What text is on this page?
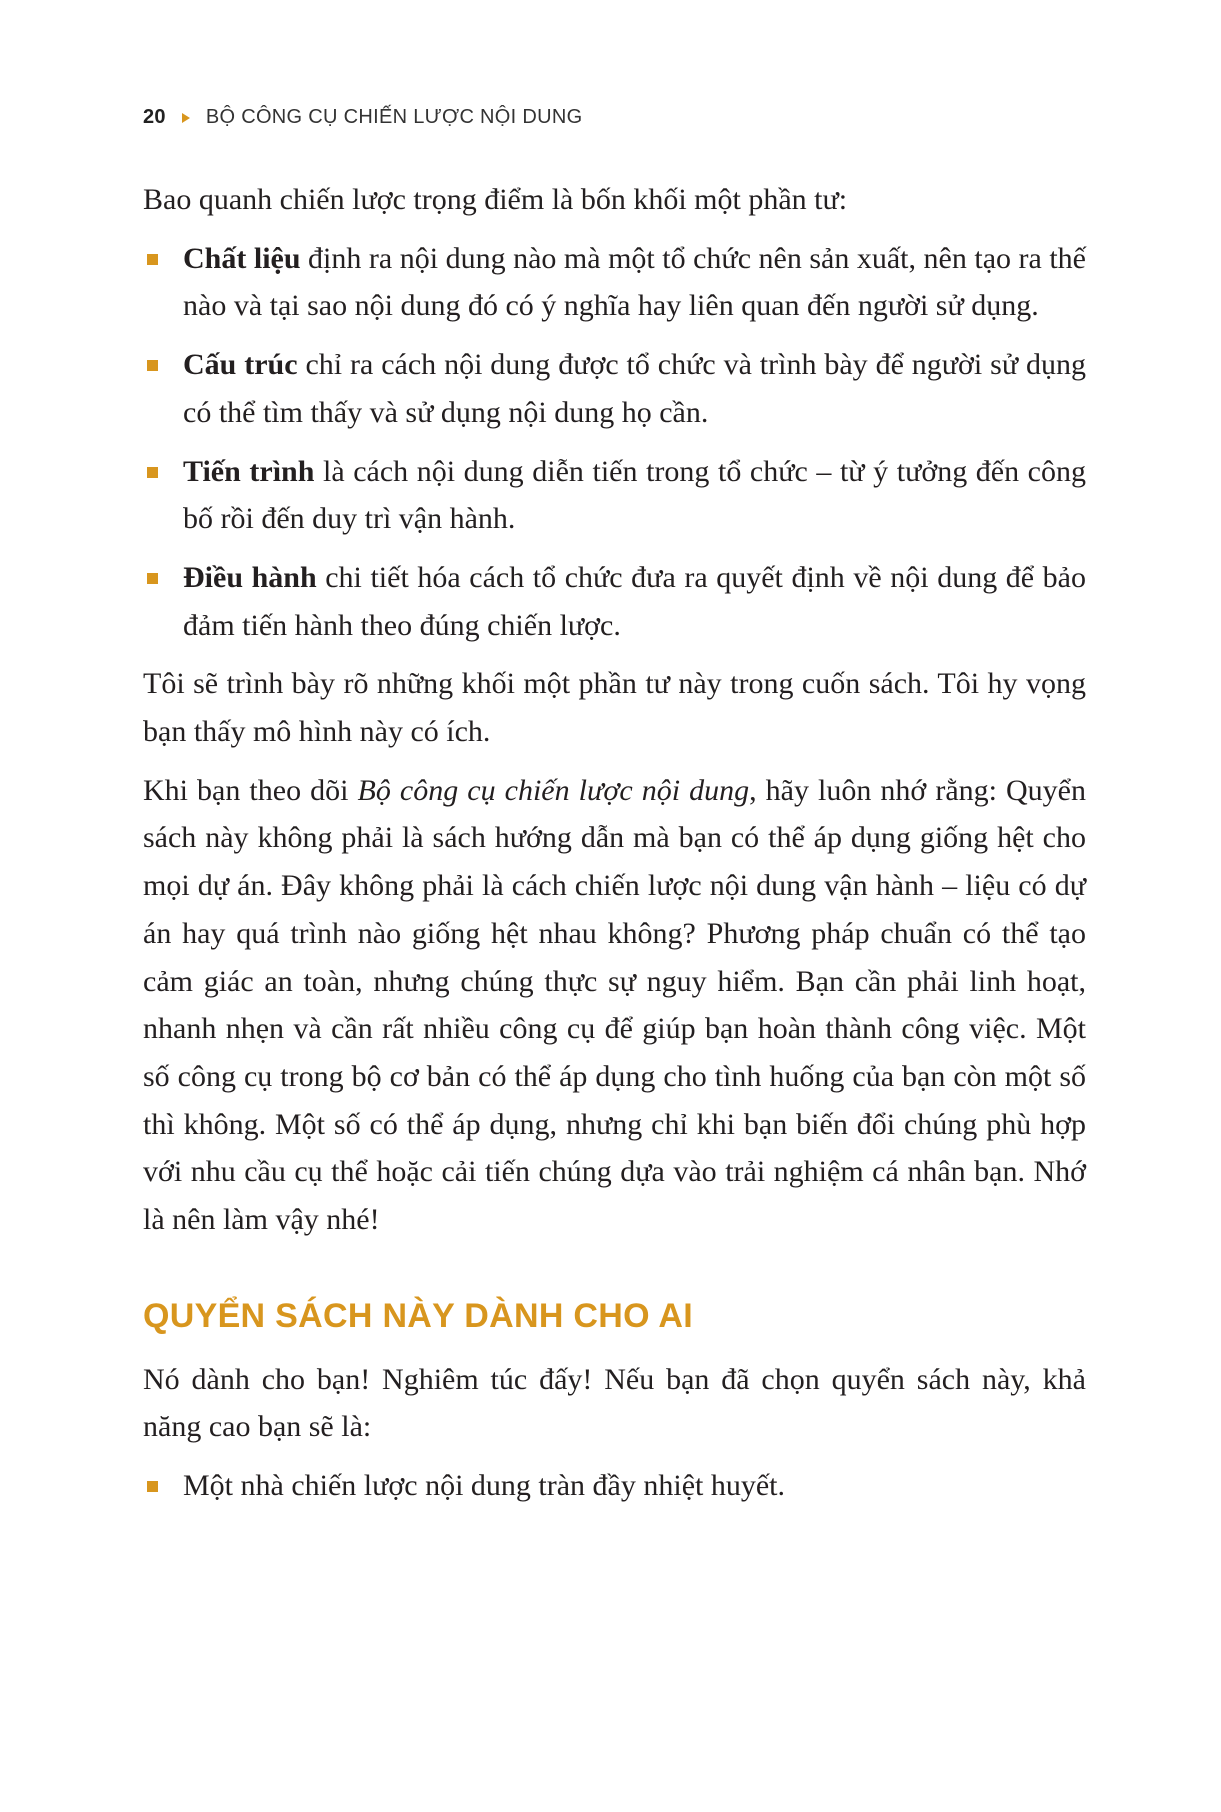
20 BỘ CÔNG CỤ CHIẾN LƯỢC NỘI DUNG

Bao quanh chiến lược trọng điểm là bốn khối một phần tư:

Chất liệu định ra nội dung nào mà một tổ chức nên sản xuất, nên tạo ra thế nào và tại sao nội dung đó có ý nghĩa hay liên quan đến người sử dụng.
Cấu trúc chỉ ra cách nội dung được tổ chức và trình bày để người sử dụng có thể tìm thấy và sử dụng nội dung họ cần.
Tiến trình là cách nội dung diễn tiến trong tổ chức – từ ý tưởng đến công bố rồi đến duy trì vận hành.
Điều hành chi tiết hóa cách tổ chức đưa ra quyết định về nội dung để bảo đảm tiến hành theo đúng chiến lược.

Tôi sẽ trình bày rõ những khối một phần tư này trong cuốn sách. Tôi hy vọng bạn thấy mô hình này có ích.

Khi bạn theo dõi Bộ công cụ chiến lược nội dung, hãy luôn nhớ rằng: Quyển sách này không phải là sách hướng dẫn mà bạn có thể áp dụng giống hệt cho mọi dự án. Đây không phải là cách chiến lược nội dung vận hành – liệu có dự án hay quá trình nào giống hệt nhau không? Phương pháp chuẩn có thể tạo cảm giác an toàn, nhưng chúng thực sự nguy hiểm. Bạn cần phải linh hoạt, nhanh nhẹn và cần rất nhiều công cụ để giúp bạn hoàn thành công việc. Một số công cụ trong bộ cơ bản có thể áp dụng cho tình huống của bạn còn một số thì không. Một số có thể áp dụng, nhưng chỉ khi bạn biến đổi chúng phù hợp với nhu cầu cụ thể hoặc cải tiến chúng dựa vào trải nghiệm cá nhân bạn. Nhớ là nên làm vậy nhé!

QUYỂN SÁCH NÀY DÀNH CHO AI

Nó dành cho bạn! Nghiêm túc đấy! Nếu bạn đã chọn quyển sách này, khả năng cao bạn sẽ là:

Một nhà chiến lược nội dung tràn đầy nhiệt huyết.
